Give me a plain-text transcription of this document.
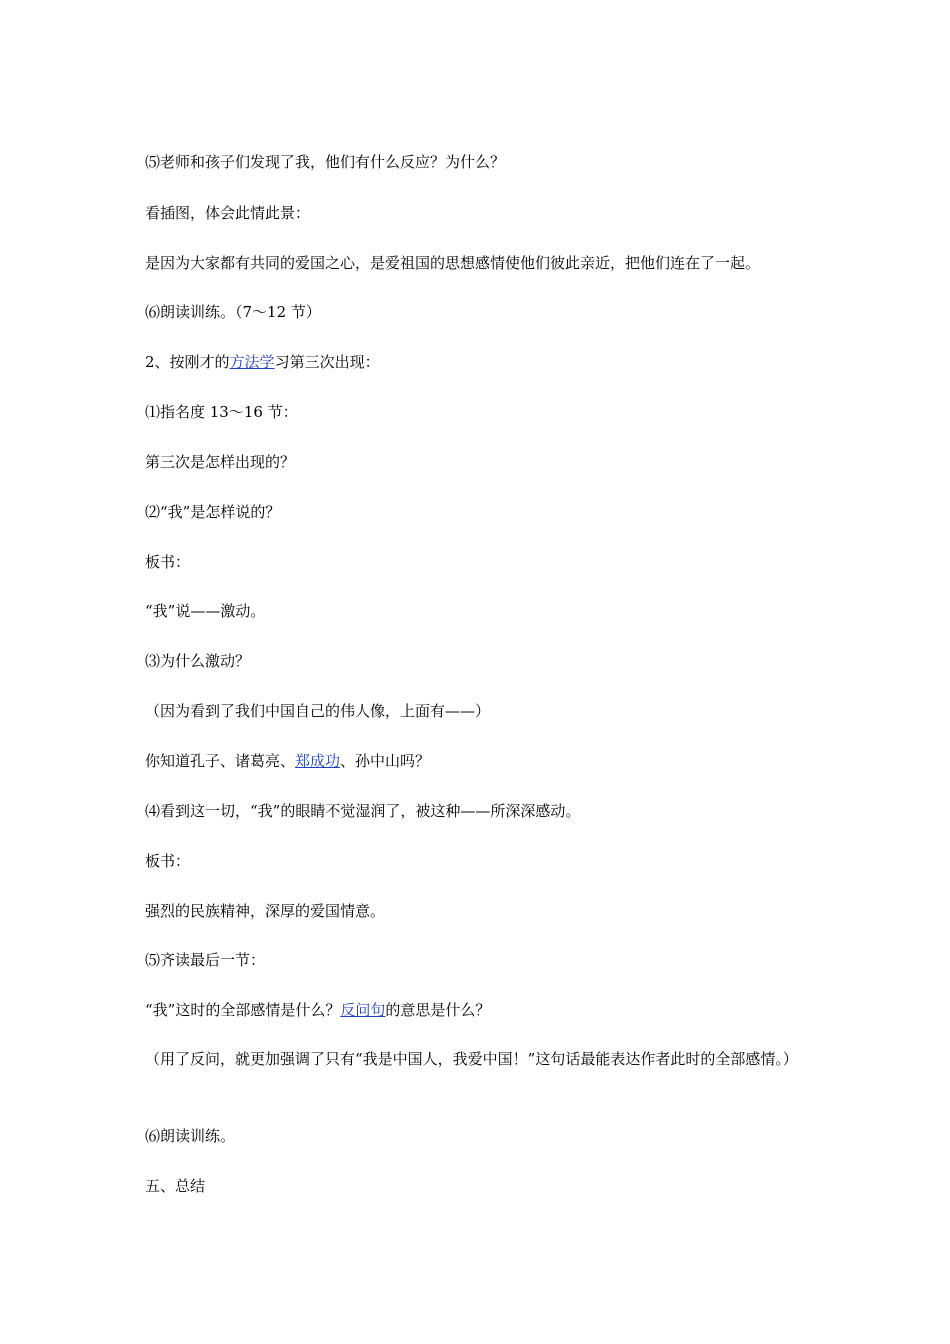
⑸老师和孩子们发现了我，他们有什么反应？为什么？

看插图，体会此情此景：

是因为大家都有共同的爱国之心，是爱祖国的思想感情使他们彼此亲近，把他们连在了一起。

⑹朗读训练。（7～12 节）

2、按刚才的方法学习第三次出现：

⑴指名度 13～16 节：

第三次是怎样出现的？

⑵“我”是怎样说的？

板书：

“我”说——激动。

⑶为什么激动？

（因为看到了我们中国自己的伟人像，上面有——）

你知道孔子、诸葛亮、郑成功、孙中山吗？

⑷看到这一切，“我”的眼睛不觉湿润了，被这种——所深深感动。

板书：

强烈的民族精神，深厚的爱国情意。

⑸齐读最后一节：

“我”这时的全部感情是什么？反问句的意思是什么？

（用了反问，就更加强调了只有“我是中国人，我爱中国！”这句话最能表达作者此时的全部感情。）

⑹朗读训练。

五、总结
